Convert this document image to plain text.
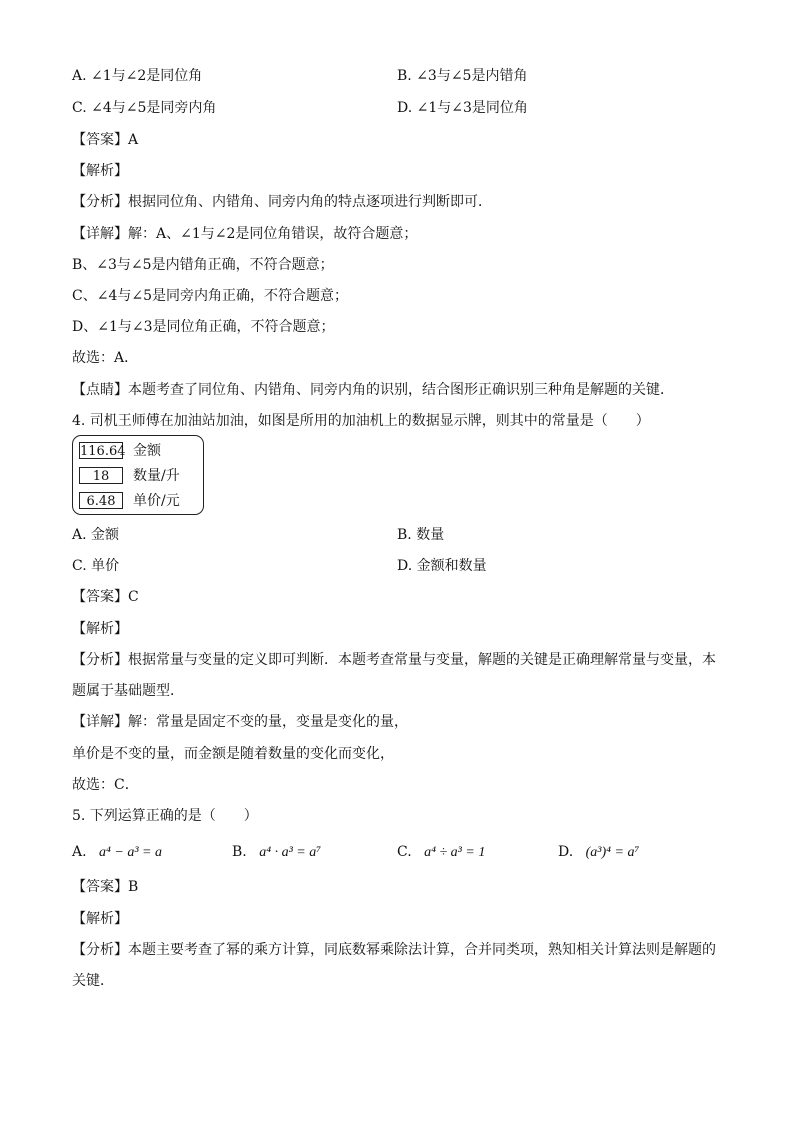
A. ∠1与∠2是同位角	B. ∠3与∠5是内错角
C. ∠4与∠5是同旁内角	D. ∠1与∠3是同位角
【答案】A
【解析】
【分析】根据同位角、内错角、同旁内角的特点逐项进行判断即可．
【详解】解：A、∠1与∠2是同位角错误，故符合题意；
B、∠3与∠5是内错角正确，不符合题意；
C、∠4与∠5是同旁内角正确，不符合题意；
D、∠1与∠3是同位角正确，不符合题意；
故选：A．
【点睛】本题考查了同位角、内错角、同旁内角的识别，结合图形正确识别三种角是解题的关键．
4. 司机王师傅在加油站加油，如图是所用的加油机上的数据显示牌，则其中的常量是（　　）
116.64 金额
18 数量/升
6.48 单价/元
A. 金额	B. 数量
C. 单价	D. 金额和数量
【答案】C
【解析】
【分析】根据常量与变量的定义即可判断．本题考查常量与变量，解题的关键是正确理解常量与变量，本
题属于基础题型．
【详解】解：常量是固定不变的量，变量是变化的量，
单价是不变的量，而金额是随着数量的变化而变化，
故选：C．
5. 下列运算正确的是（　　）
A. a⁴ − a³ = a	B. a⁴ · a³ = a⁷	C. a⁴ ÷ a³ = 1	D. (a³)⁴ = a⁷
【答案】B
【解析】
【分析】本题主要考查了幂的乘方计算，同底数幂乘除法计算，合并同类项，熟知相关计算法则是解题的
关键．
